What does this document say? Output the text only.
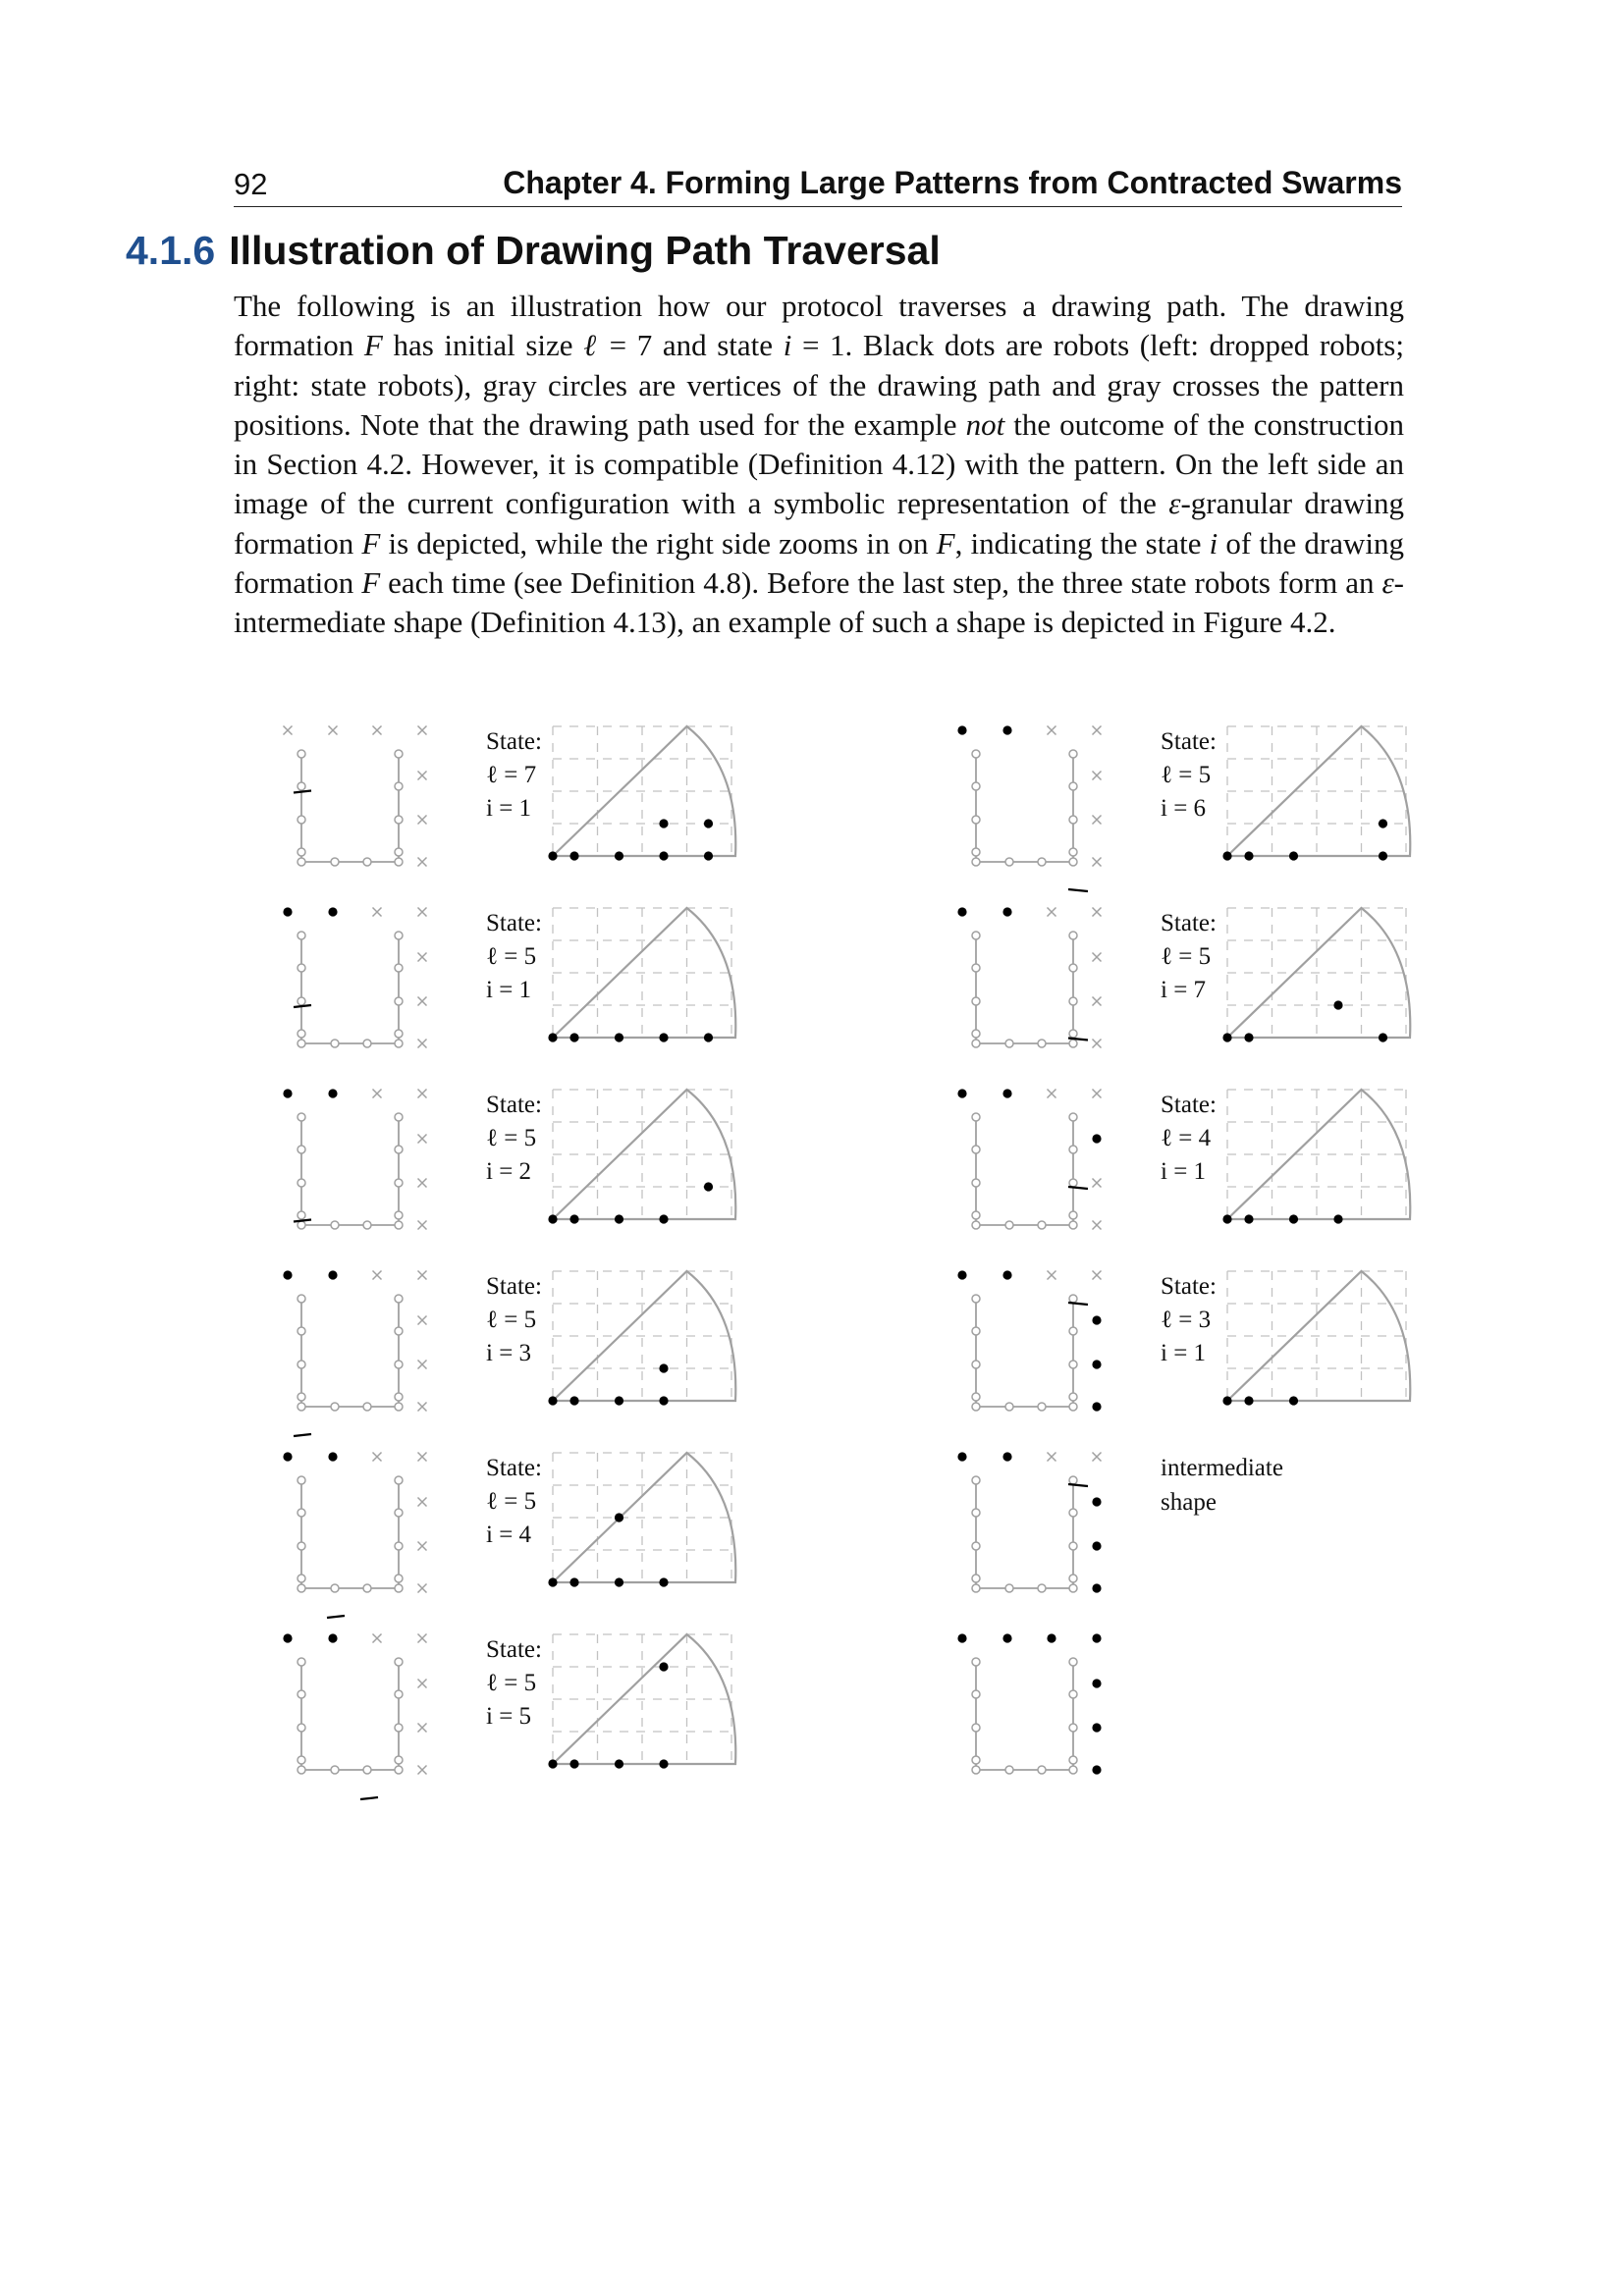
92	Chapter 4. Forming Large Patterns from Contracted Swarms
4.1.6 Illustration of Drawing Path Traversal

The following is an illustration how our protocol traverses a drawing path. The drawing formation F has initial size ℓ = 7 and state i = 1. Black dots are robots (left: dropped robots; right: state robots), gray circles are vertices of the drawing path and gray crosses the pattern positions. Note that the drawing path used for the example not the outcome of the construction in Section 4.2. However, it is compatible (Definition 4.12) with the pattern. On the left side an image of the current configuration with a symbolic representation of the ε-granular drawing formation F is depicted, while the right side zooms in on F, indicating the state i of the drawing formation F each time (see Definition 4.8). Before the last step, the three state robots form an ε-intermediate shape (Definition 4.13), an example of such a shape is depicted in Figure 4.2.

State:
ℓ = 7
i = 1
State:
ℓ = 5
i = 1
State:
ℓ = 5
i = 2
State:
ℓ = 5
i = 3
State:
ℓ = 5
i = 4
State:
ℓ = 5
i = 5
State:
ℓ = 5
i = 6
State:
ℓ = 5
i = 7
State:
ℓ = 4
i = 1
State:
ℓ = 3
i = 1
intermediate
shape
